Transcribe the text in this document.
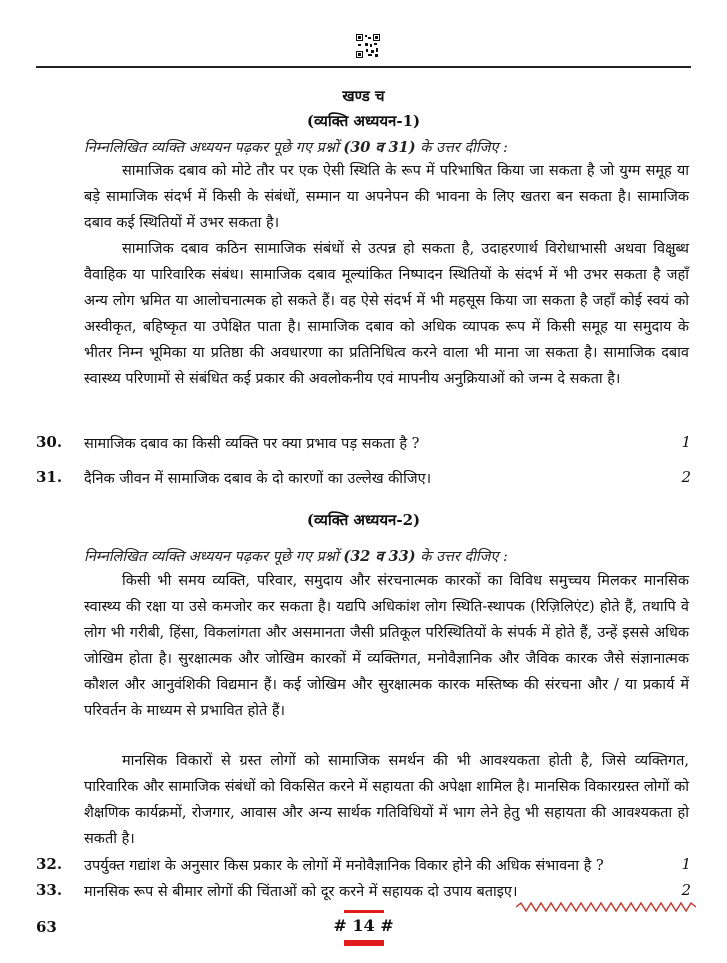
खण्ड च
(व्यक्ति अध्ययन-1)
निम्नलिखित व्यक्ति अध्ययन पढ़कर पूछे गए प्रश्नों (30 व 31) के उत्तर दीजिए :
सामाजिक दबाव को मोटे तौर पर एक ऐसी स्थिति के रूप में परिभाषित किया जा सकता है जो युग्म समूह या बड़े सामाजिक संदर्भ में किसी के संबंधों, सम्मान या अपनेपन की भावना के लिए खतरा बन सकता है। सामाजिक दबाव कई स्थितियों में उभर सकता है।
सामाजिक दबाव कठिन सामाजिक संबंधों से उत्पन्न हो सकता है, उदाहरणार्थ विरोधाभासी अथवा विक्षुब्ध वैवाहिक या पारिवारिक संबंध। सामाजिक दबाव मूल्यांकित निष्पादन स्थितियों के संदर्भ में भी उभर सकता है जहाँ अन्य लोग भ्रमित या आलोचनात्मक हो सकते हैं। वह ऐसे संदर्भ में भी महसूस किया जा सकता है जहाँ कोई स्वयं को अस्वीकृत, बहिष्कृत या उपेक्षित पाता है। सामाजिक दबाव को अधिक व्यापक रूप में किसी समूह या समुदाय के भीतर निम्न भूमिका या प्रतिष्ठा की अवधारणा का प्रतिनिधित्व करने वाला भी माना जा सकता है। सामाजिक दबाव स्वास्थ्य परिणामों से संबंधित कई प्रकार की अवलोकनीय एवं मापनीय अनुक्रियाओं को जन्म दे सकता है।
30. सामाजिक दबाव का किसी व्यक्ति पर क्या प्रभाव पड़ सकता है ?	1
31. दैनिक जीवन में सामाजिक दबाव के दो कारणों का उल्लेख कीजिए।	2
(व्यक्ति अध्ययन-2)
निम्नलिखित व्यक्ति अध्ययन पढ़कर पूछे गए प्रश्नों (32 व 33) के उत्तर दीजिए :
किसी भी समय व्यक्ति, परिवार, समुदाय और संरचनात्मक कारकों का विविध समुच्चय मिलकर मानसिक स्वास्थ्य की रक्षा या उसे कमजोर कर सकता है। यद्यपि अधिकांश लोग स्थिति-स्थापक (रिज़िलिएंट) होते हैं, तथापि वे लोग भी गरीबी, हिंसा, विकलांगता और असमानता जैसी प्रतिकूल परिस्थितियों के संपर्क में होते हैं, उन्हें इससे अधिक जोखिम होता है। सुरक्षात्मक और जोखिम कारकों में व्यक्तिगत, मनोवैज्ञानिक और जैविक कारक जैसे संज्ञानात्मक कौशल और आनुवंशिकी विद्यमान हैं। कई जोखिम और सुरक्षात्मक कारक मस्तिष्क की संरचना और / या प्रकार्य में परिवर्तन के माध्यम से प्रभावित होते हैं।
मानसिक विकारों से ग्रस्त लोगों को सामाजिक समर्थन की भी आवश्यकता होती है, जिसे व्यक्तिगत, पारिवारिक और सामाजिक संबंधों को विकसित करने में सहायता की अपेक्षा शामिल है। मानसिक विकारग्रस्त लोगों को शैक्षणिक कार्यक्रमों, रोजगार, आवास और अन्य सार्थक गतिविधियों में भाग लेने हेतु भी सहायता की आवश्यकता हो सकती है।
32. उपर्युक्त गद्यांश के अनुसार किस प्रकार के लोगों में मनोवैज्ञानिक विकार होने की अधिक संभावना है ?	1
33. मानसिक रूप से बीमार लोगों की चिंताओं को दूर करने में सहायक दो उपाय बताइए।	2
63	# 14 #
